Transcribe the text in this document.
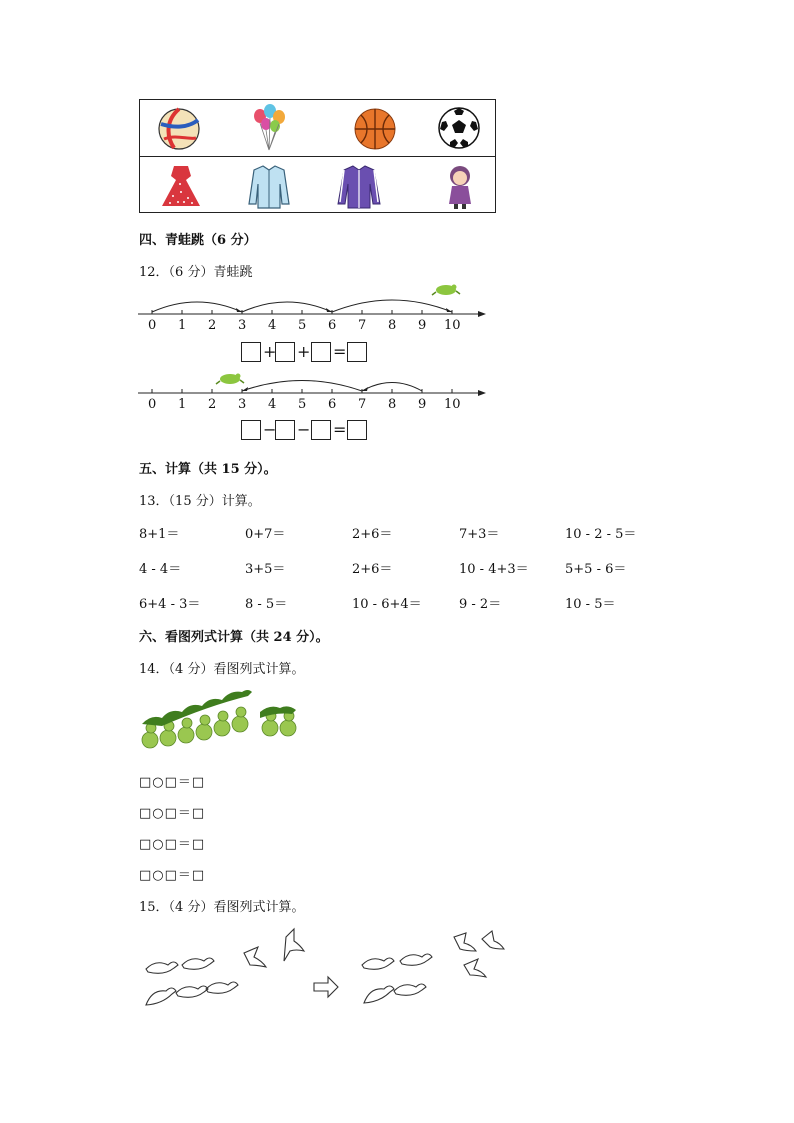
四、青蛙跳（6 分）
12．（6 分）青蛙跳
0 1 2 3 4 5 6 7 8 9 10
+ + =
0 1 2 3 4 5 6 7 8 9 10
− − =
五、计算（共 15 分）。
13．（15 分）计算。
8+1＝	0+7＝	2+6＝	7+3＝	10 - 2 - 5＝
4 - 4＝	3+5＝	2+6＝	10 - 4+3＝	5+5 - 6＝
6+4 - 3＝	8 - 5＝	10 - 6+4＝	9 - 2＝	10 - 5＝
六、看图列式计算（共 24 分）。
14．（4 分）看图列式计算。
□○□＝□
□○□＝□
□○□＝□
□○□＝□
15．（4 分）看图列式计算。
